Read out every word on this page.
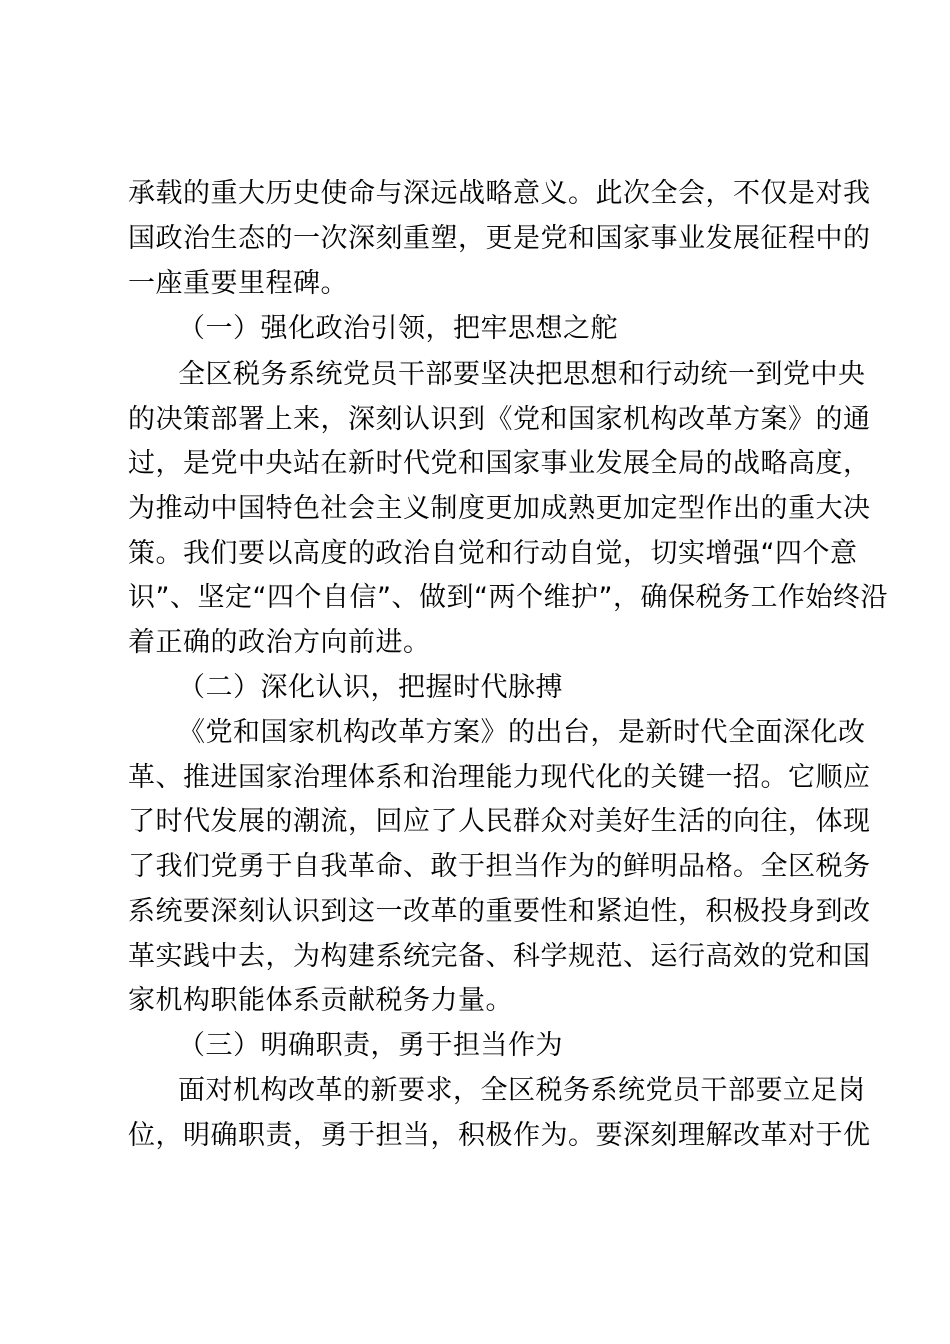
承载的重大历史使命与深远战略意义。此次全会，不仅是对我
国政治生态的一次深刻重塑，更是党和国家事业发展征程中的
一座重要里程碑。
（一）强化政治引领，把牢思想之舵
全区税务系统党员干部要坚决把思想和行动统一到党中央
的决策部署上来，深刻认识到《党和国家机构改革方案》的通
过，是党中央站在新时代党和国家事业发展全局的战略高度，
为推动中国特色社会主义制度更加成熟更加定型作出的重大决
策。我们要以高度的政治自觉和行动自觉，切实增强“四个意
识”、坚定“四个自信”、做到“两个维护”，确保税务工作始终沿
着正确的政治方向前进。
（二）深化认识，把握时代脉搏
《党和国家机构改革方案》的出台，是新时代全面深化改
革、推进国家治理体系和治理能力现代化的关键一招。它顺应
了时代发展的潮流，回应了人民群众对美好生活的向往，体现
了我们党勇于自我革命、敢于担当作为的鲜明品格。全区税务
系统要深刻认识到这一改革的重要性和紧迫性，积极投身到改
革实践中去，为构建系统完备、科学规范、运行高效的党和国
家机构职能体系贡献税务力量。
（三）明确职责，勇于担当作为
面对机构改革的新要求，全区税务系统党员干部要立足岗
位，明确职责，勇于担当，积极作为。要深刻理解改革对于优
